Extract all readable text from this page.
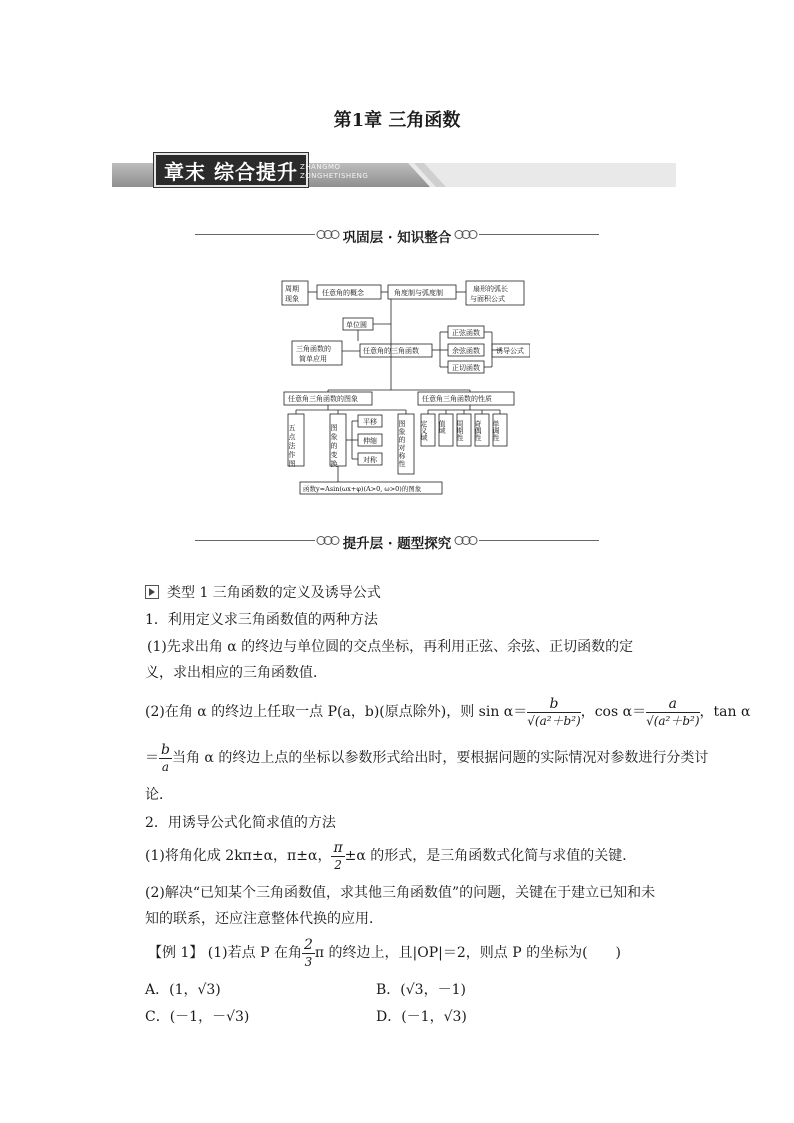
第1章 三角函数
章末 综合提升 ZHANGMO
ZONGHETISHENG
巩固层 · 知识整合
周期现象
任意角的概念	角度制与弧度制	扇形的弧长与面积公式
单位圆
三角函数的简单应用
任意角的三角函数
正弦函数
余弦函数
正切函数
诱导公式
任意角三角函数的图象	任意角三角函数的性质
五点法作图	图象的变换	图象的对称性
平移
伸缩
对称
定义域 值域 周期性 奇偶性 单调性
函数y=Asin(ωx+φ)(A>0, ω>0)的图象
提升层 · 题型探究
类型 1 三角函数的定义及诱导公式
1．利用定义求三角函数值的两种方法
(1)先求出角 α 的终边与单位圆的交点坐标，再利用正弦、余弦、正切函数的定义，求出相应的三角函数值．
(2)在角 α 的终边上任取一点 P(a，b)(原点除外)，则 $\sin \alpha= \frac{b}{\text{√(a²＋b²)}}$ ，$\cos \alpha= \frac{a}{\text{√(a²＋b²)}}$ ，tan α
＝ $\frac{b}{a}$ 当角 α 的终边上点的坐标以参数形式给出时，要根据问题的实际情况对参数进行分类讨
论．
2．用诱导公式化简求值的方法
(1)将角化成 2kπ±α，π±α， $\frac{\pi}{2} \pm\alpha$ 的形式，是三角函数式化简与求值的关键．
(2)解决“已知某个三角函数值，求其他三角函数值”的问题，关键在于建立已知和未知的联系，还应注意整体代换的应用．
【例 1】 (1)若点 P 在角 $\frac{2}{3}$ π 的终边上，且|OP|＝2，则点 P 的坐标为(　　)
A．(1，√3)	B．(√3，－1)
C．(－1，－√3)	D．(－1，√3)
